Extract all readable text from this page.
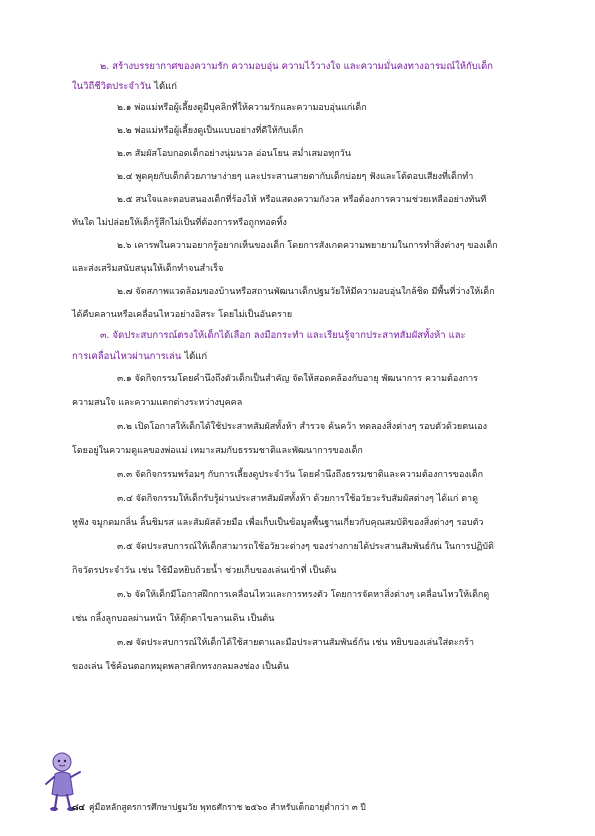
๒. สร้างบรรยากาศของความรัก ความอบอุ่น ความไว้วางใจ และความมั่นคงทางอารมณ์ให้กับเด็ก
ในวิถีชีวิตประจำวัน ได้แก่
๒.๑ พ่อแม่หรือผู้เลี้ยงดูมีบุคลิกที่ให้ความรักและความอบอุ่นแก่เด็ก
๒.๒ พ่อแม่หรือผู้เลี้ยงดูเป็นแบบอย่างที่ดีให้กับเด็ก
๒.๓ สัมผัสโอบกอดเด็กอย่างนุ่มนวล อ่อนโยน สม่ำเสมอทุกวัน
๒.๔ พูดคุยกับเด็กด้วยภาษาง่ายๆ และประสานสายตากับเด็กบ่อยๆ ฟังและโต้ตอบเสียงที่เด็กทำ
๒.๕ สนใจและตอบสนองเด็กที่ร้องไห้ หรือแสดงความกังวล หรือต้องการความช่วยเหลืออย่างทันที
ทันใด ไม่ปล่อยให้เด็กรู้สึกไม่เป็นที่ต้องการหรือถูกทอดทิ้ง
๒.๖ เคารพในความอยากรู้อยากเห็นของเด็ก โดยการสังเกตความพยายามในการทำสิ่งต่างๆ ของเด็ก
และส่งเสริมสนับสนุนให้เด็กทำจนสำเร็จ
๒.๗ จัดสภาพแวดล้อมของบ้านหรือสถานพัฒนาเด็กปฐมวัยให้มีความอบอุ่นใกล้ชิด มีพื้นที่ว่างให้เด็ก
ได้คืบคลานหรือเคลื่อนไหวอย่างอิสระ โดยไม่เป็นอันตราย
๓. จัดประสบการณ์ตรงให้เด็กได้เลือก ลงมือกระทำ และเรียนรู้จากประสาทสัมผัสทั้งห้า และ
การเคลื่อนไหวผ่านการเล่น ได้แก่
๓.๑ จัดกิจกรรมโดยคำนึงถึงตัวเด็กเป็นสำคัญ จัดให้สอดคล้องกับอายุ พัฒนาการ ความต้องการ
ความสนใจ และความแตกต่างระหว่างบุคคล
๓.๒ เปิดโอกาสให้เด็กได้ใช้ประสาทสัมผัสทั้งห้า สำรวจ ค้นคว้า ทดลองสิ่งต่างๆ รอบตัวด้วยตนเอง
โดยอยู่ในความดูแลของพ่อแม่ เหมาะสมกับธรรมชาติและพัฒนาการของเด็ก
๓.๓ จัดกิจกรรมพร้อมๆ กับการเลี้ยงดูประจำวัน โดยคำนึงถึงธรรมชาติและความต้องการของเด็ก
๓.๔ จัดกิจกรรมให้เด็กรับรู้ผ่านประสาทสัมผัสทั้งห้า ด้วยการใช้อวัยวะรับสัมผัสต่างๆ ได้แก่ ตาดู
หูฟัง จมูกดมกลิ่น ลิ้นชิมรส และสัมผัสด้วยมือ เพื่อเก็บเป็นข้อมูลพื้นฐานเกี่ยวกับคุณสมบัติของสิ่งต่างๆ รอบตัว
๓.๕ จัดประสบการณ์ให้เด็กสามารถใช้อวัยวะต่างๆ ของร่างกายได้ประสานสัมพันธ์กัน ในการปฏิบัติ
กิจวัตรประจำวัน เช่น ใช้มือหยิบถ้วยน้ำ ช่วยเก็บของเล่นเข้าที่ เป็นต้น
๓.๖ จัดให้เด็กมีโอกาสฝึกการเคลื่อนไหวและการทรงตัว โดยการจัดหาสิ่งต่างๆ เคลื่อนไหวให้เด็กดู
เช่น กลิ้งลูกบอลผ่านหน้า ให้ตุ๊กตาไขลานเดิน เป็นต้น
๓.๗ จัดประสบการณ์ให้เด็กได้ใช้สายตาและมือประสานสัมพันธ์กัน เช่น หยิบของเล่นใส่ตะกร้า
ของเล่น ใช้ค้อนตอกหมุดพลาสติกทรงกลมลงช่อง เป็นต้น
๘๔ คู่มือหลักสูตรการศึกษาปฐมวัย พุทธศักราช ๒๕๖๐ สำหรับเด็กอายุต่ำกว่า ๓ ปี
